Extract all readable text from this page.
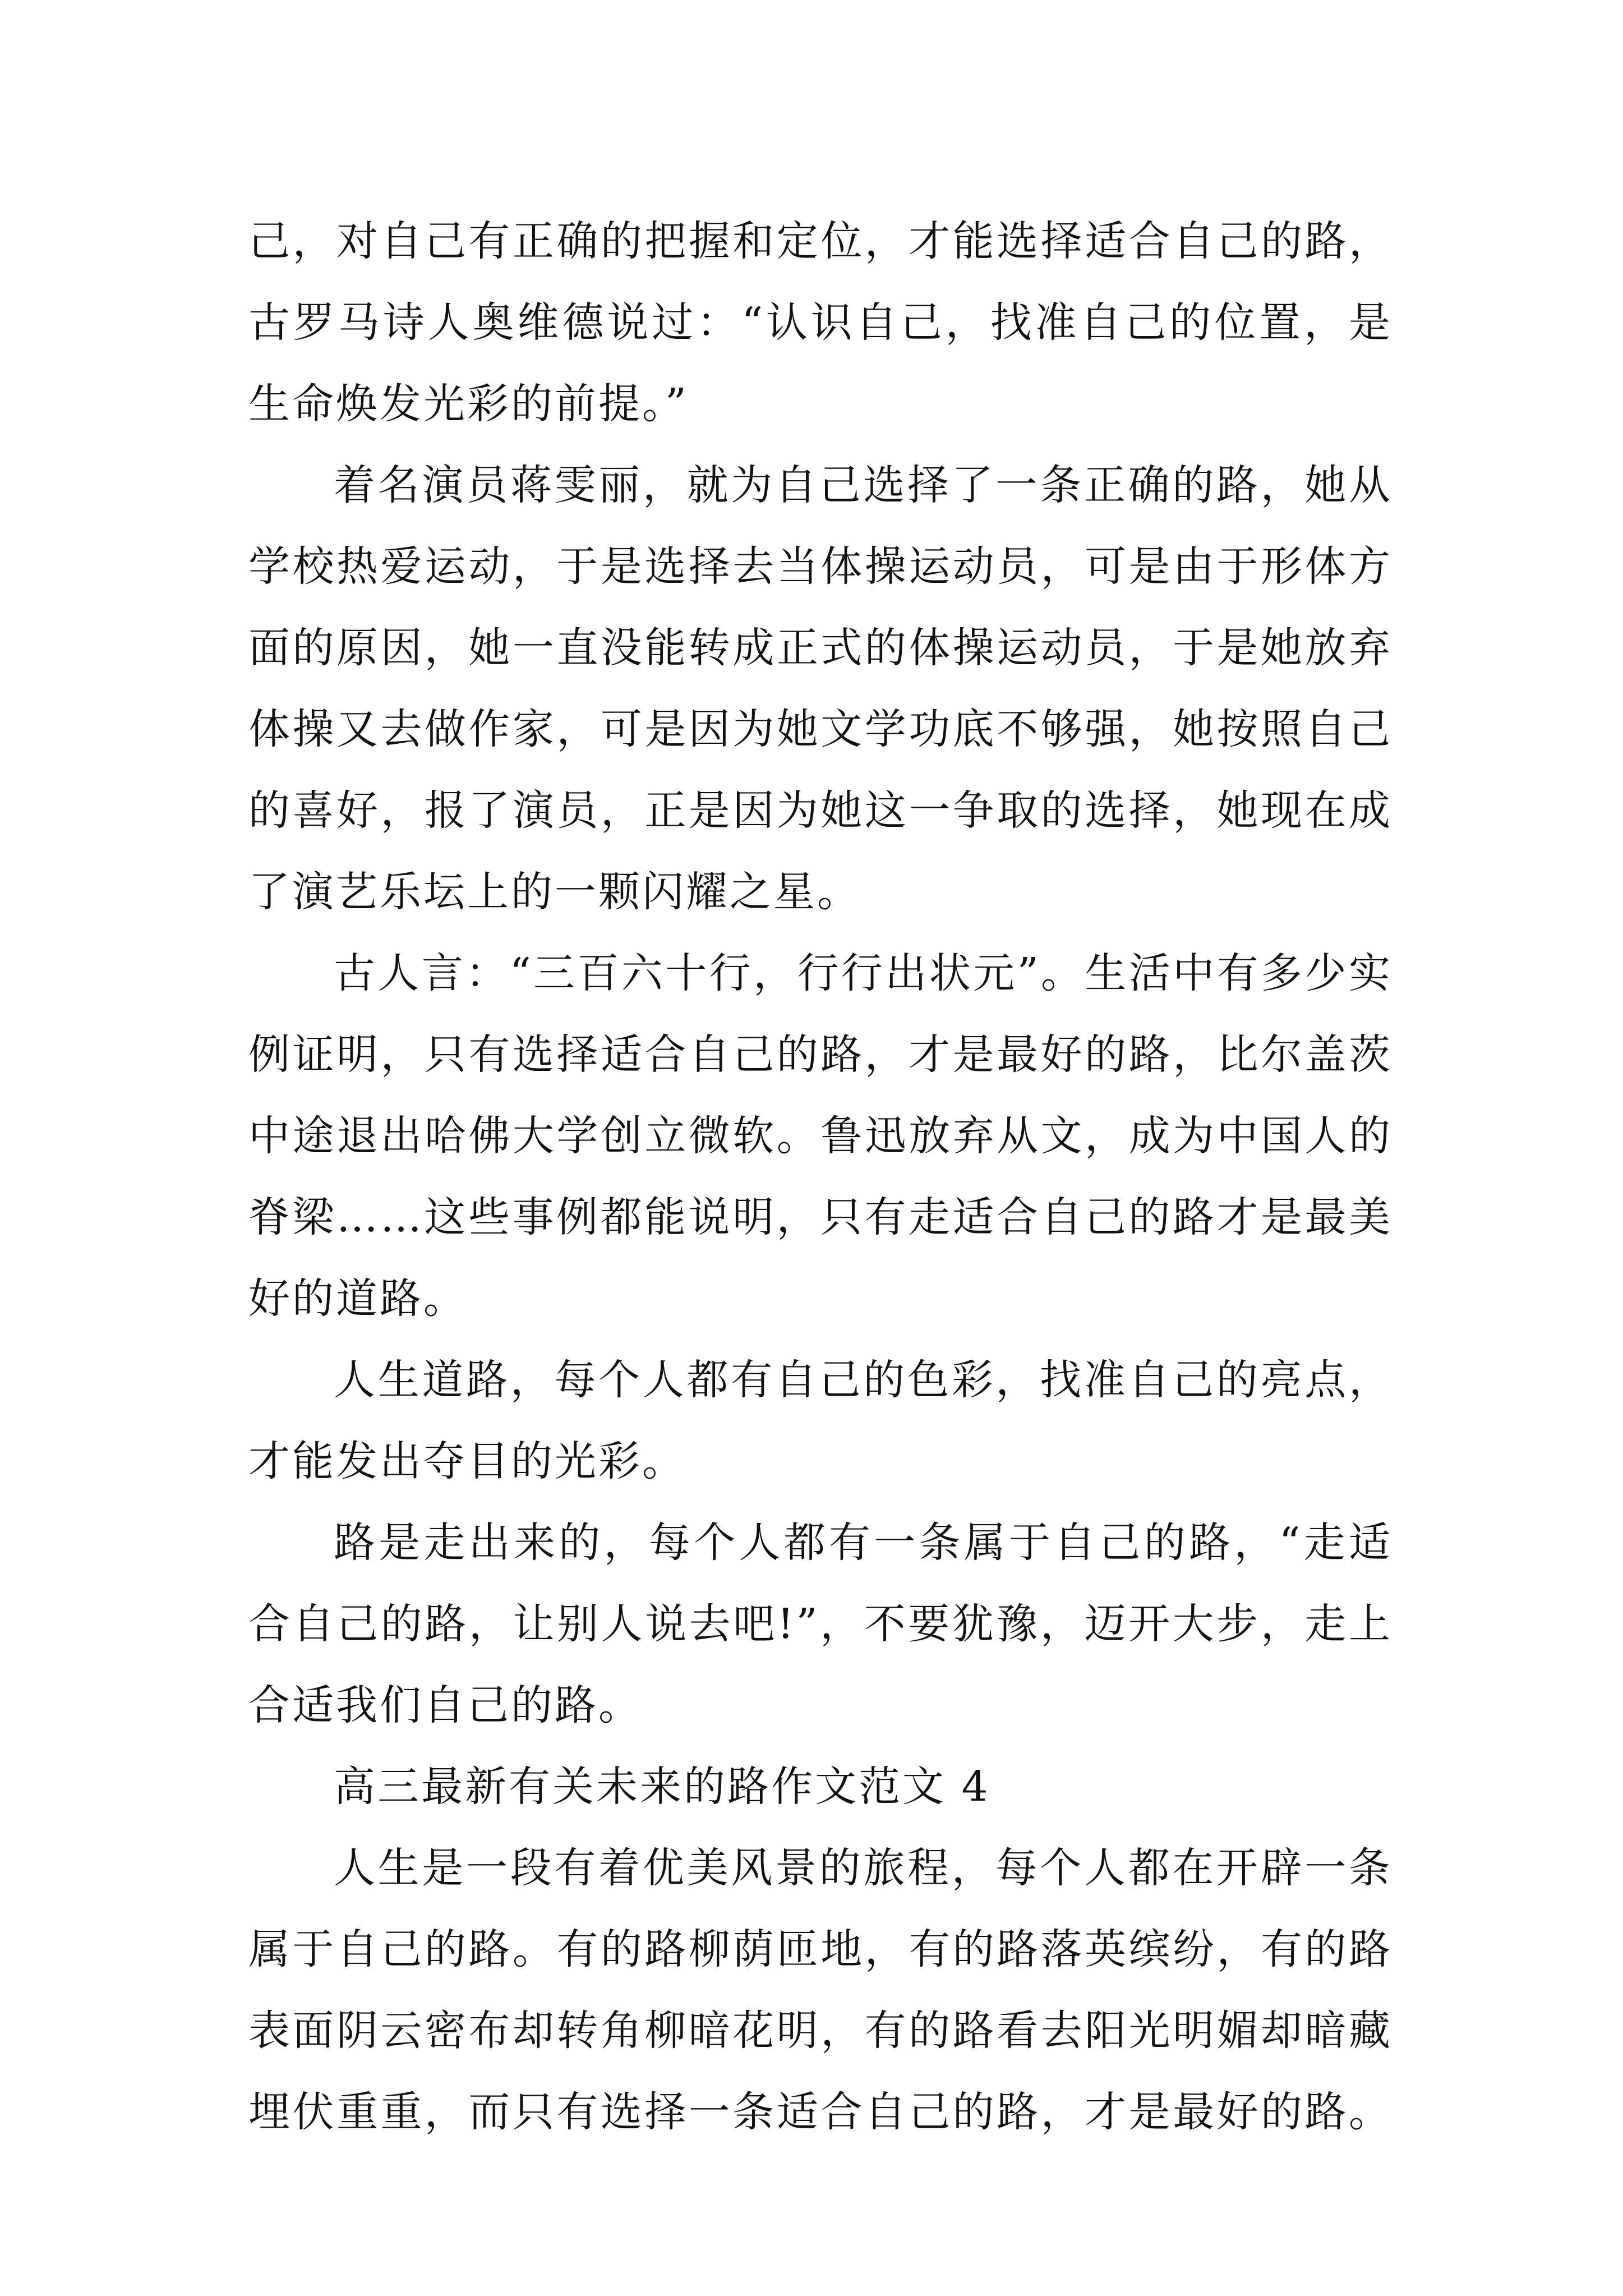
己，对自己有正确的把握和定位，才能选择适合自己的路，
古罗马诗人奥维德说过：“认识自己，找准自己的位置，是
生命焕发光彩的前提。”
着名演员蒋雯丽，就为自己选择了一条正确的路，她从
学校热爱运动，于是选择去当体操运动员，可是由于形体方
面的原因，她一直没能转成正式的体操运动员，于是她放弃
体操又去做作家，可是因为她文学功底不够强，她按照自己
的喜好，报了演员，正是因为她这一争取的选择，她现在成
了演艺乐坛上的一颗闪耀之星。
古人言：“三百六十行，行行出状元”。生活中有多少实
例证明，只有选择适合自己的路，才是最好的路，比尔盖茨
中途退出哈佛大学创立微软。鲁迅放弃从文，成为中国人的
脊梁……这些事例都能说明，只有走适合自己的路才是最美
好的道路。
人生道路，每个人都有自己的色彩，找准自己的亮点，
才能发出夺目的光彩。
路是走出来的，每个人都有一条属于自己的路，“走适
合自己的路，让别人说去吧!”，不要犹豫，迈开大步，走上
合适我们自己的路。
高三最新有关未来的路作文范文 4
人生是一段有着优美风景的旅程，每个人都在开辟一条
属于自己的路。有的路柳荫匝地，有的路落英缤纷，有的路
表面阴云密布却转角柳暗花明，有的路看去阳光明媚却暗藏
埋伏重重，而只有选择一条适合自己的路，才是最好的路。
